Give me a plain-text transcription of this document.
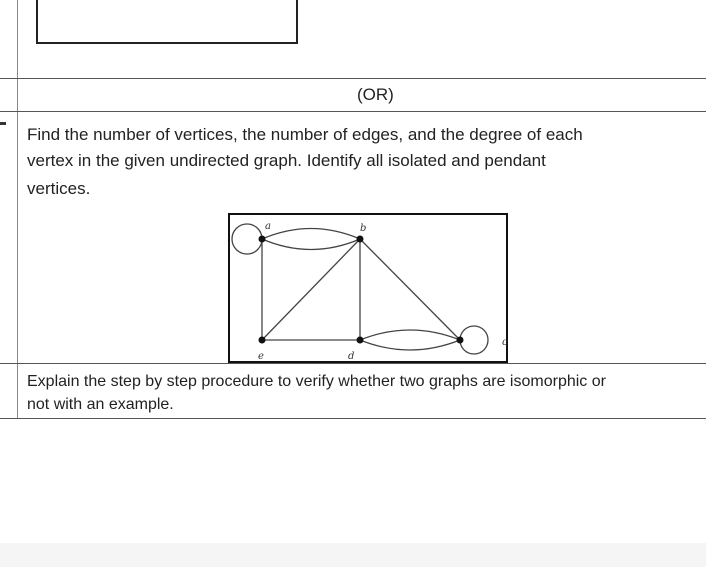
(OR)
Find the number of vertices, the number of edges, and the degree of each
vertex in the given undirected graph. Identify all isolated and pendant
vertices.
a	b
e	d
c
Explain the step by step procedure to verify whether two graphs are isomorphic or
not with an example.
